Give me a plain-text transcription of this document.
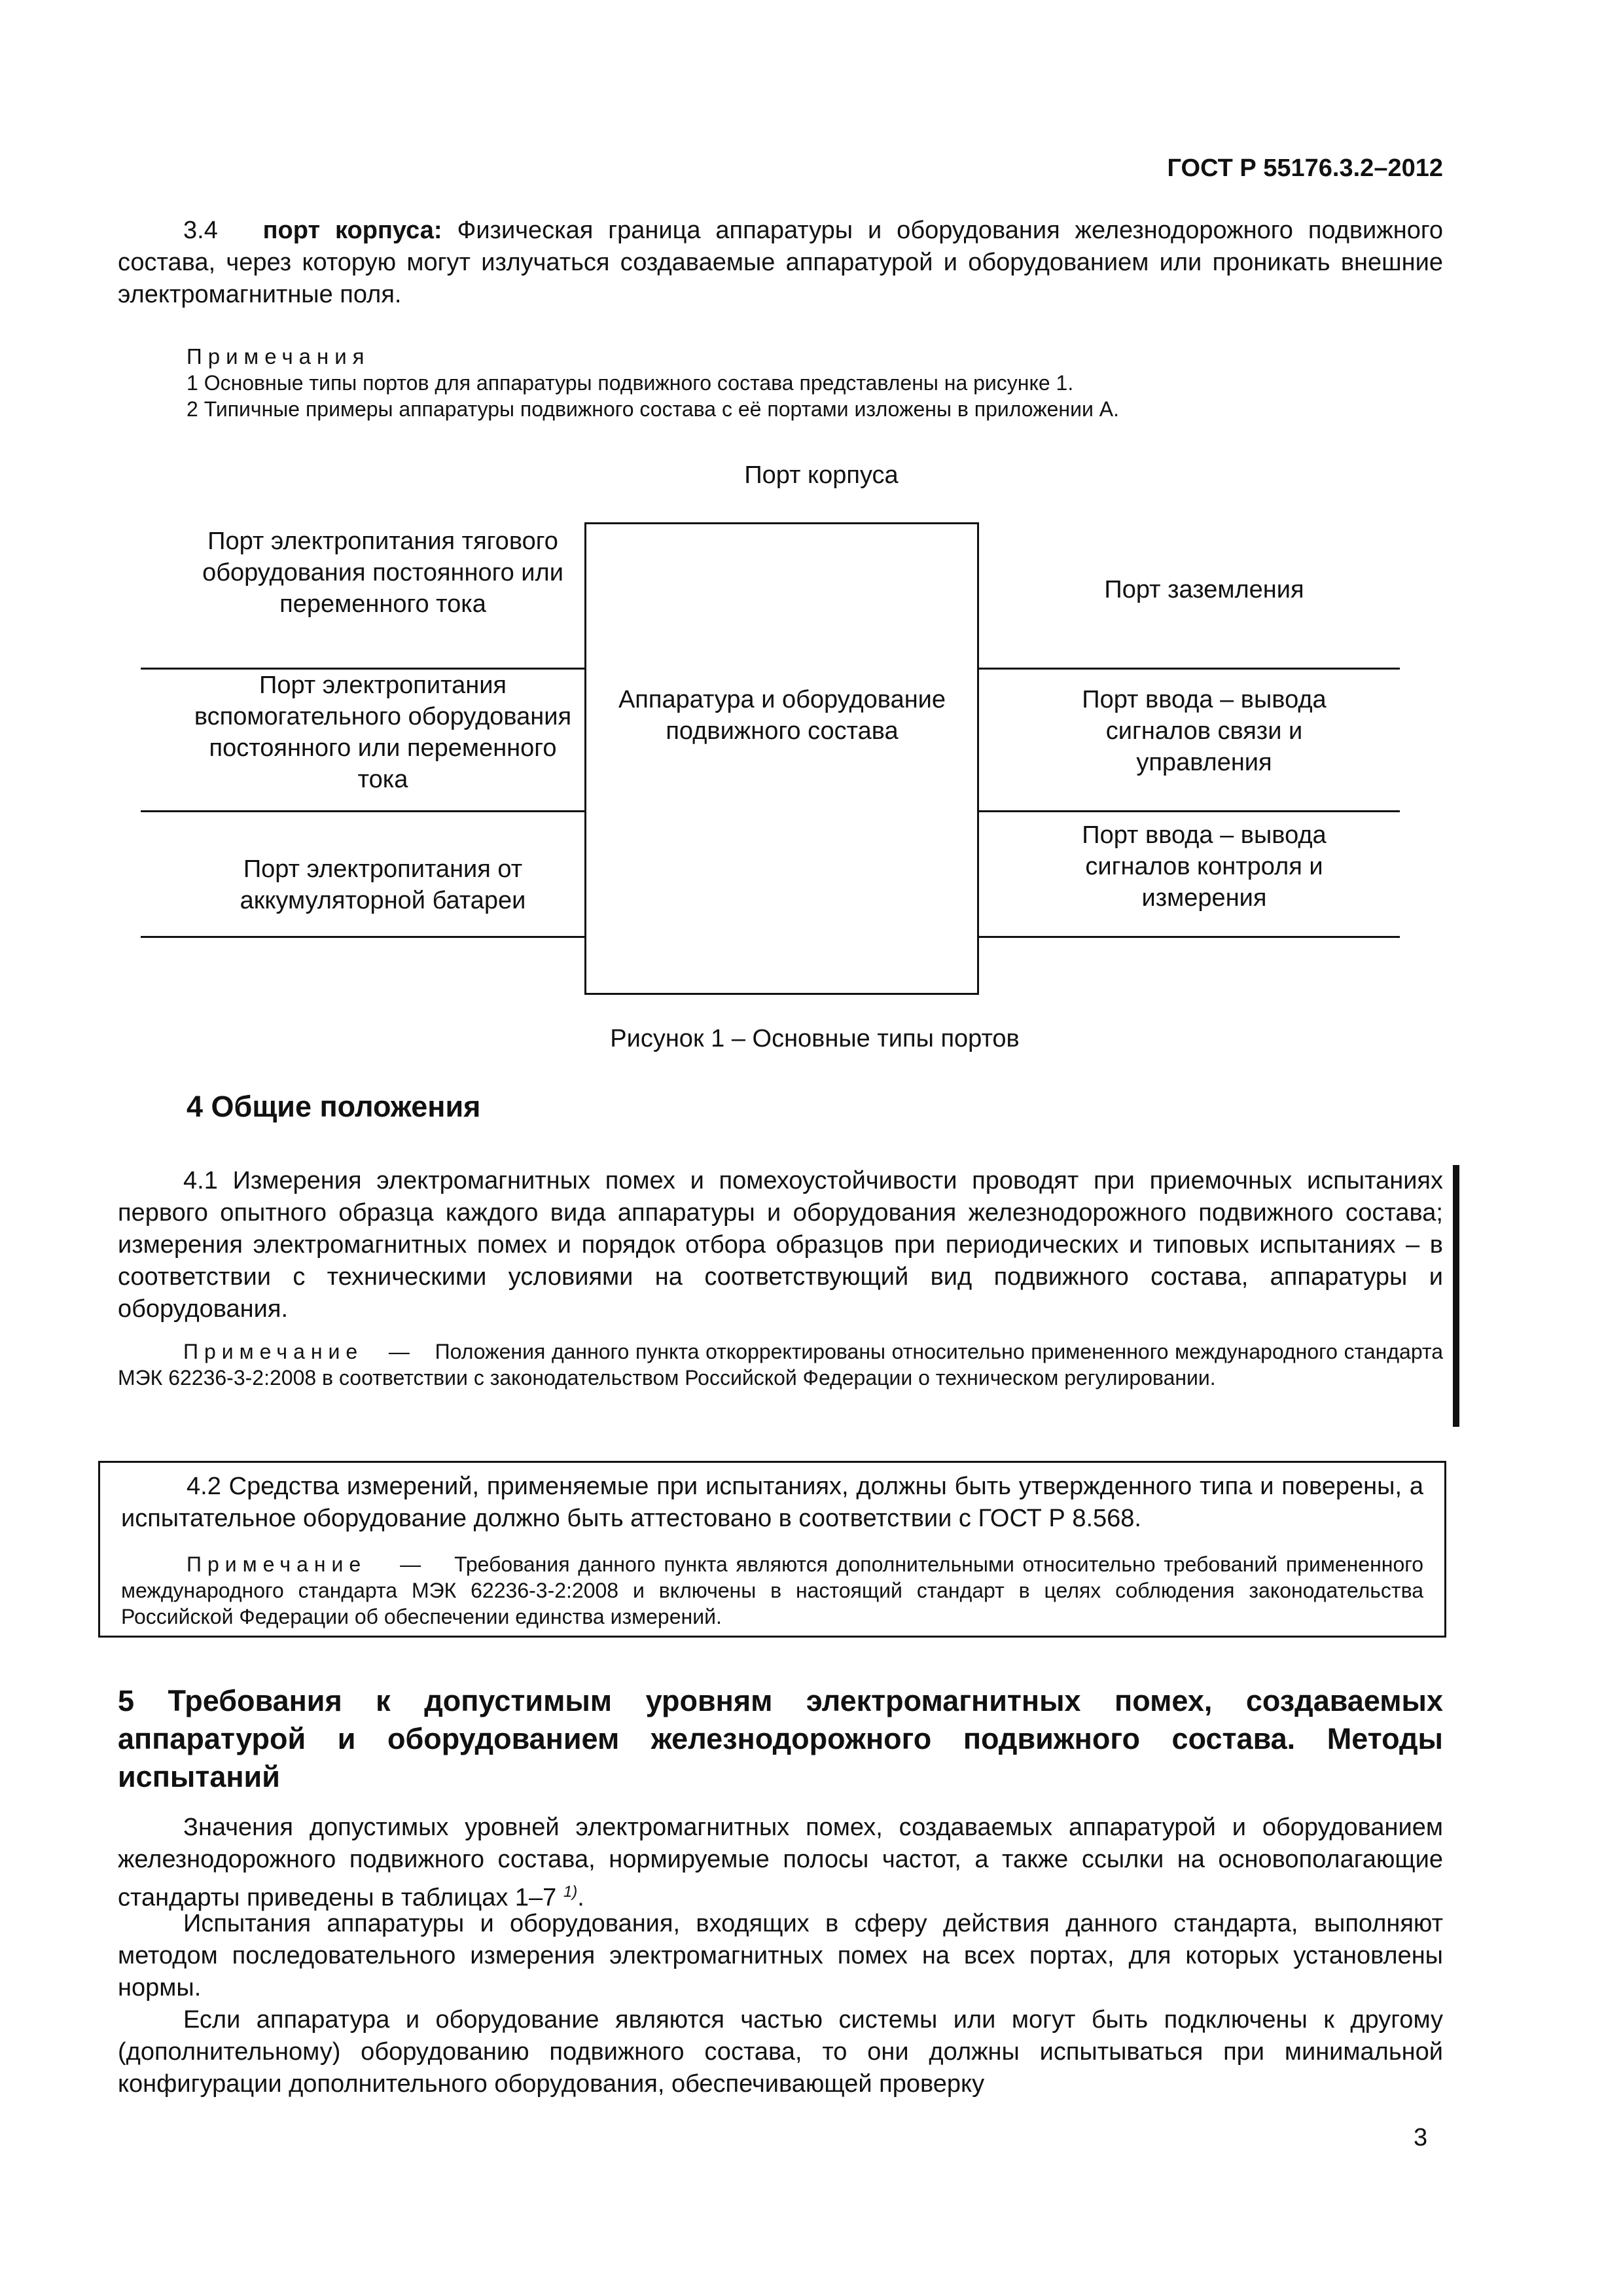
ГОСТ Р 55176.3.2–2012
3.4 порт корпуса: Физическая граница аппаратуры и оборудования железнодорожного подвижного состава, через которую могут излучаться создаваемые аппаратурой и оборудованием или проникать внешние электромагнитные поля.
Примечания
1 Основные типы портов для аппаратуры подвижного состава представлены на рисунке 1.
2 Типичные примеры аппаратуры подвижного состава с её портами изложены в приложении А.
Порт корпуса
Аппаратура и оборудование подвижного состава
Порт электропитания тягового оборудования постоянного или переменного тока
Порт электропитания вспомогательного оборудования постоянного или переменного тока
Порт электропитания от аккумуляторной батареи
Порт заземления
Порт ввода – вывода сигналов связи и управления
Порт ввода – вывода сигналов контроля и измерения
Рисунок 1 – Основные типы портов
4 Общие положения
4.1 Измерения электромагнитных помех и помехоустойчивости проводят при приемочных испытаниях первого опытного образца каждого вида аппаратуры и оборудования железнодорожного подвижного состава; измерения электромагнитных помех и порядок отбора образцов при периодических и типовых испытаниях – в соответствии с техническими условиями на соответствующий вид подвижного состава, аппаратуры и оборудования.
Примечание — Положения данного пункта откорректированы относительно примененного международного стандарта МЭК 62236-3-2:2008 в соответствии с законодательством Российской Федерации о техническом регулировании.
4.2 Средства измерений, применяемые при испытаниях, должны быть утвержденного типа и поверены, а испытательное оборудование должно быть аттестовано в соответствии с ГОСТ Р 8.568.
Примечание — Требования данного пункта являются дополнительными относительно требований примененного международного стандарта МЭК 62236-3-2:2008 и включены в настоящий стандарт в целях соблюдения законодательства Российской Федерации об обеспечении единства измерений.
5 Требования к допустимым уровням электромагнитных помех, создаваемых аппаратурой и оборудованием железнодорожного подвижного состава. Методы испытаний
Значения допустимых уровней электромагнитных помех, создаваемых аппаратурой и оборудованием железнодорожного подвижного состава, нормируемые полосы частот, а также ссылки на основополагающие стандарты приведены в таблицах 1–7 $^{1)}$.
Испытания аппаратуры и оборудования, входящих в сферу действия данного стандарта, выполняют методом последовательного измерения электромагнитных помех на всех портах, для которых установлены нормы.
Если аппаратура и оборудование являются частью системы или могут быть подключены к другому (дополнительному) оборудованию подвижного состава, то они должны испытываться при минимальной конфигурации дополнительного оборудования, обеспечивающей проверку
3
